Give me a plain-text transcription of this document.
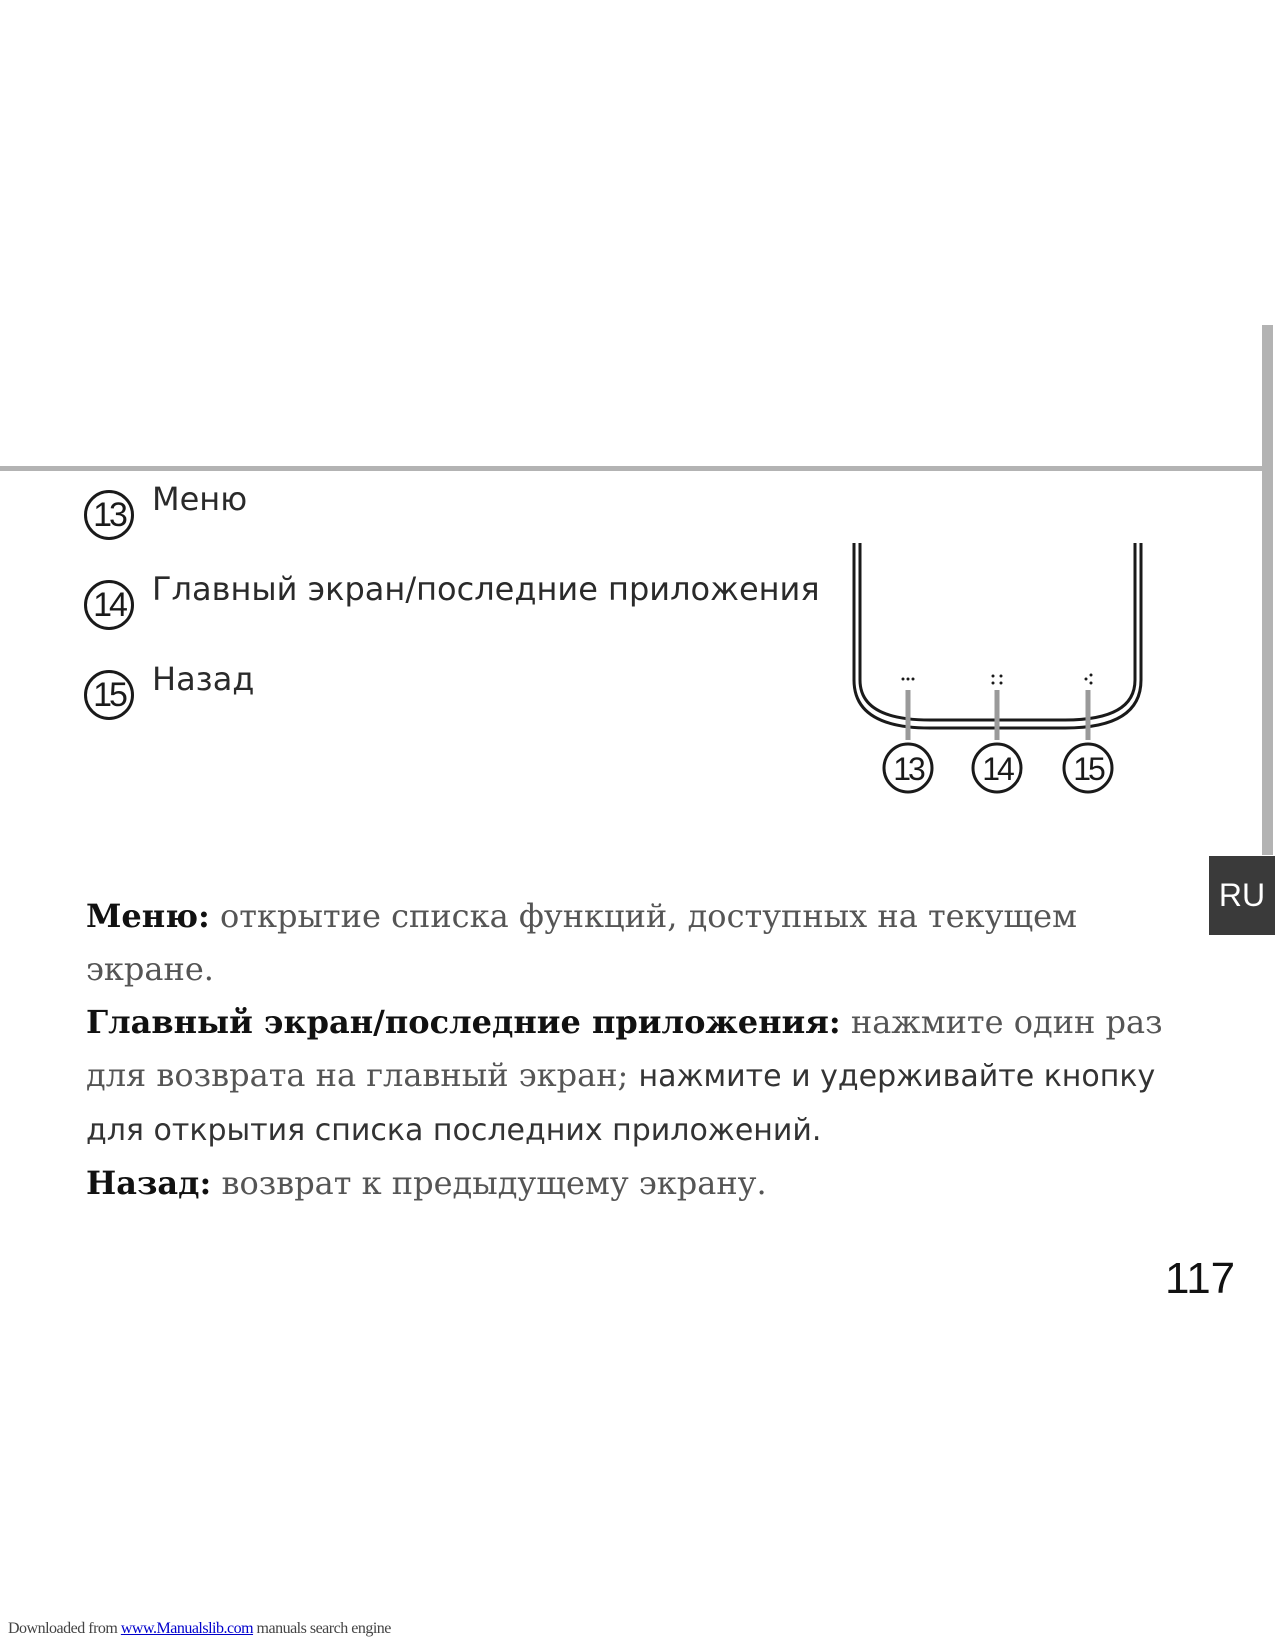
RU
13 Меню
14 Главный экран/последние приложения
15 Назад
13 14 15
Меню: открытие списка функций, доступных на текущем экране.
Главный экран/последние приложения: нажмите один раз для возврата на главный экран; нажмите и удерживайте кнопку для открытия списка последних приложений.
Назад: возврат к предыдущему экрану.
117
Downloaded from www.Manualslib.com manuals search engine
